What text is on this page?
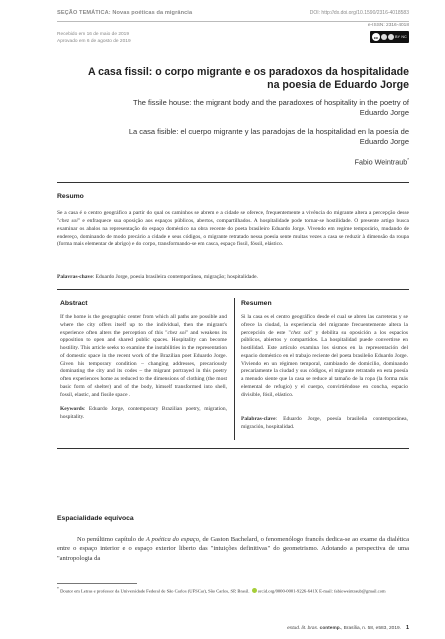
SEÇÃO TEMÁTICA: Novas poéticas da migrância	DOI: http://dx.doi.org/10.1590/2316-4018583
e-ISSN: 2316-4018
Recebido em 16 de maio de 2019
Aprovado em 6 de agosto de 2019
cc	BY NC
A casa fissil: o corpo migrante e os paradoxos da hospitalidade na poesia de Eduardo Jorge
The fissile house: the migrant body and the paradoxes of hospitality in the poetry of Eduardo Jorge
La casa fisible: el cuerpo migrante y las paradojas de la hospitalidad en la poesía de Eduardo Jorge
Fabio Weintraub*
Resumo
Se a casa é o centro geográfico a partir do qual os caminhos se abrem e a cidade se oferece, frequentemente a vivência do migrante altera a percepção desse "chez soi" e enfraquece sua oposição aos espaços públicos, abertos, compartilhados. A hospitalidade pode tornar-se hostilidade. O presente artigo busca examinar os abalos na representação do espaço doméstico na obra recente do poeta brasileiro Eduardo Jorge. Vivendo em regime temporário, mudando de endereço, dominando de modo precário a cidade e seus códigos, o migrante retratado nessa poesia sente muitas vezes a casa se reduzir à dimensão da roupa (forma mais elementar de abrigo) e do corpo, transformando-se em casca, espaço fissil, fóssil, elástico.
Palavras-chave: Eduardo Jorge, poesia brasileira contemporânea, migração; hospitalidade.
Abstract	Resumen
If the home is the geographic center from which all paths are possible and where the city offers itself up to the individual, then the migrant's experience often alters the perception of this "chez soi" and weakens its opposition to open and shared public spaces. Hospitality can become hostility. This article seeks to examine the instabilities in the representation of domestic space in the recent work of the Brazilian poet Eduardo Jorge. Given his temporary condition – changing addresses, precariously dominating the city and its codes – the migrant portrayed in this poetry often experiences home as reduced to the dimensions of clothing (the most basic form of shelter) and of the body, himself transformed into shell, fossil, elastic, and fissile space .
Keywords: Eduardo Jorge, contemporary Brazilian poetry, migration, hospitality.
Si la casa es el centro geográfico desde el cual se abren las carreteras y se ofrece la ciudad, la experiencia del migrante frecuentemente altera la percepción de este "chez soi" y debilita su oposición a los espacios públicos, abiertos y compartidos. La hospitalidad puede convertirse en hostilidad. Este artículo examina los sismos en la representación del espacio doméstico en el trabajo reciente del poeta brasileño Eduardo Jorge. Viviendo en un régimen temporal, cambiando de domicilio, dominando precariamente la ciudad y sus códigos, el migrante retratado en esta poesía a menudo siente que la casa se reduce al tamaño de la ropa (la forma más elemental de refugio) y el cuerpo, convirtiéndose en concha, espacio divisible, fósil, elástico.
Palabras-clave: Eduardo Jorge, poesía brasileña contemporánea, migración, hospitalidad.
Espacialidade equívoca
No penúltimo capítulo de A poética do espaço, de Gaston Bachelard, o fenomenólogo francês dedica-se ao exame da dialética entre o espaço interior e o espaço exterior liberto das "intuições definitivas" do geometrismo. Adotando a perspectiva de uma "antropologia da
* Doutor em Letras e professor da Universidade Federal de São Carlos (UFSCar), São Carlos, SP, Brasil. orcid.org/0000-0001-9226-641X E-mail: fabioweintraub@gmail.com
estud. lit. bras. contemp., Brasília, n. 58, e583, 2019. 1
